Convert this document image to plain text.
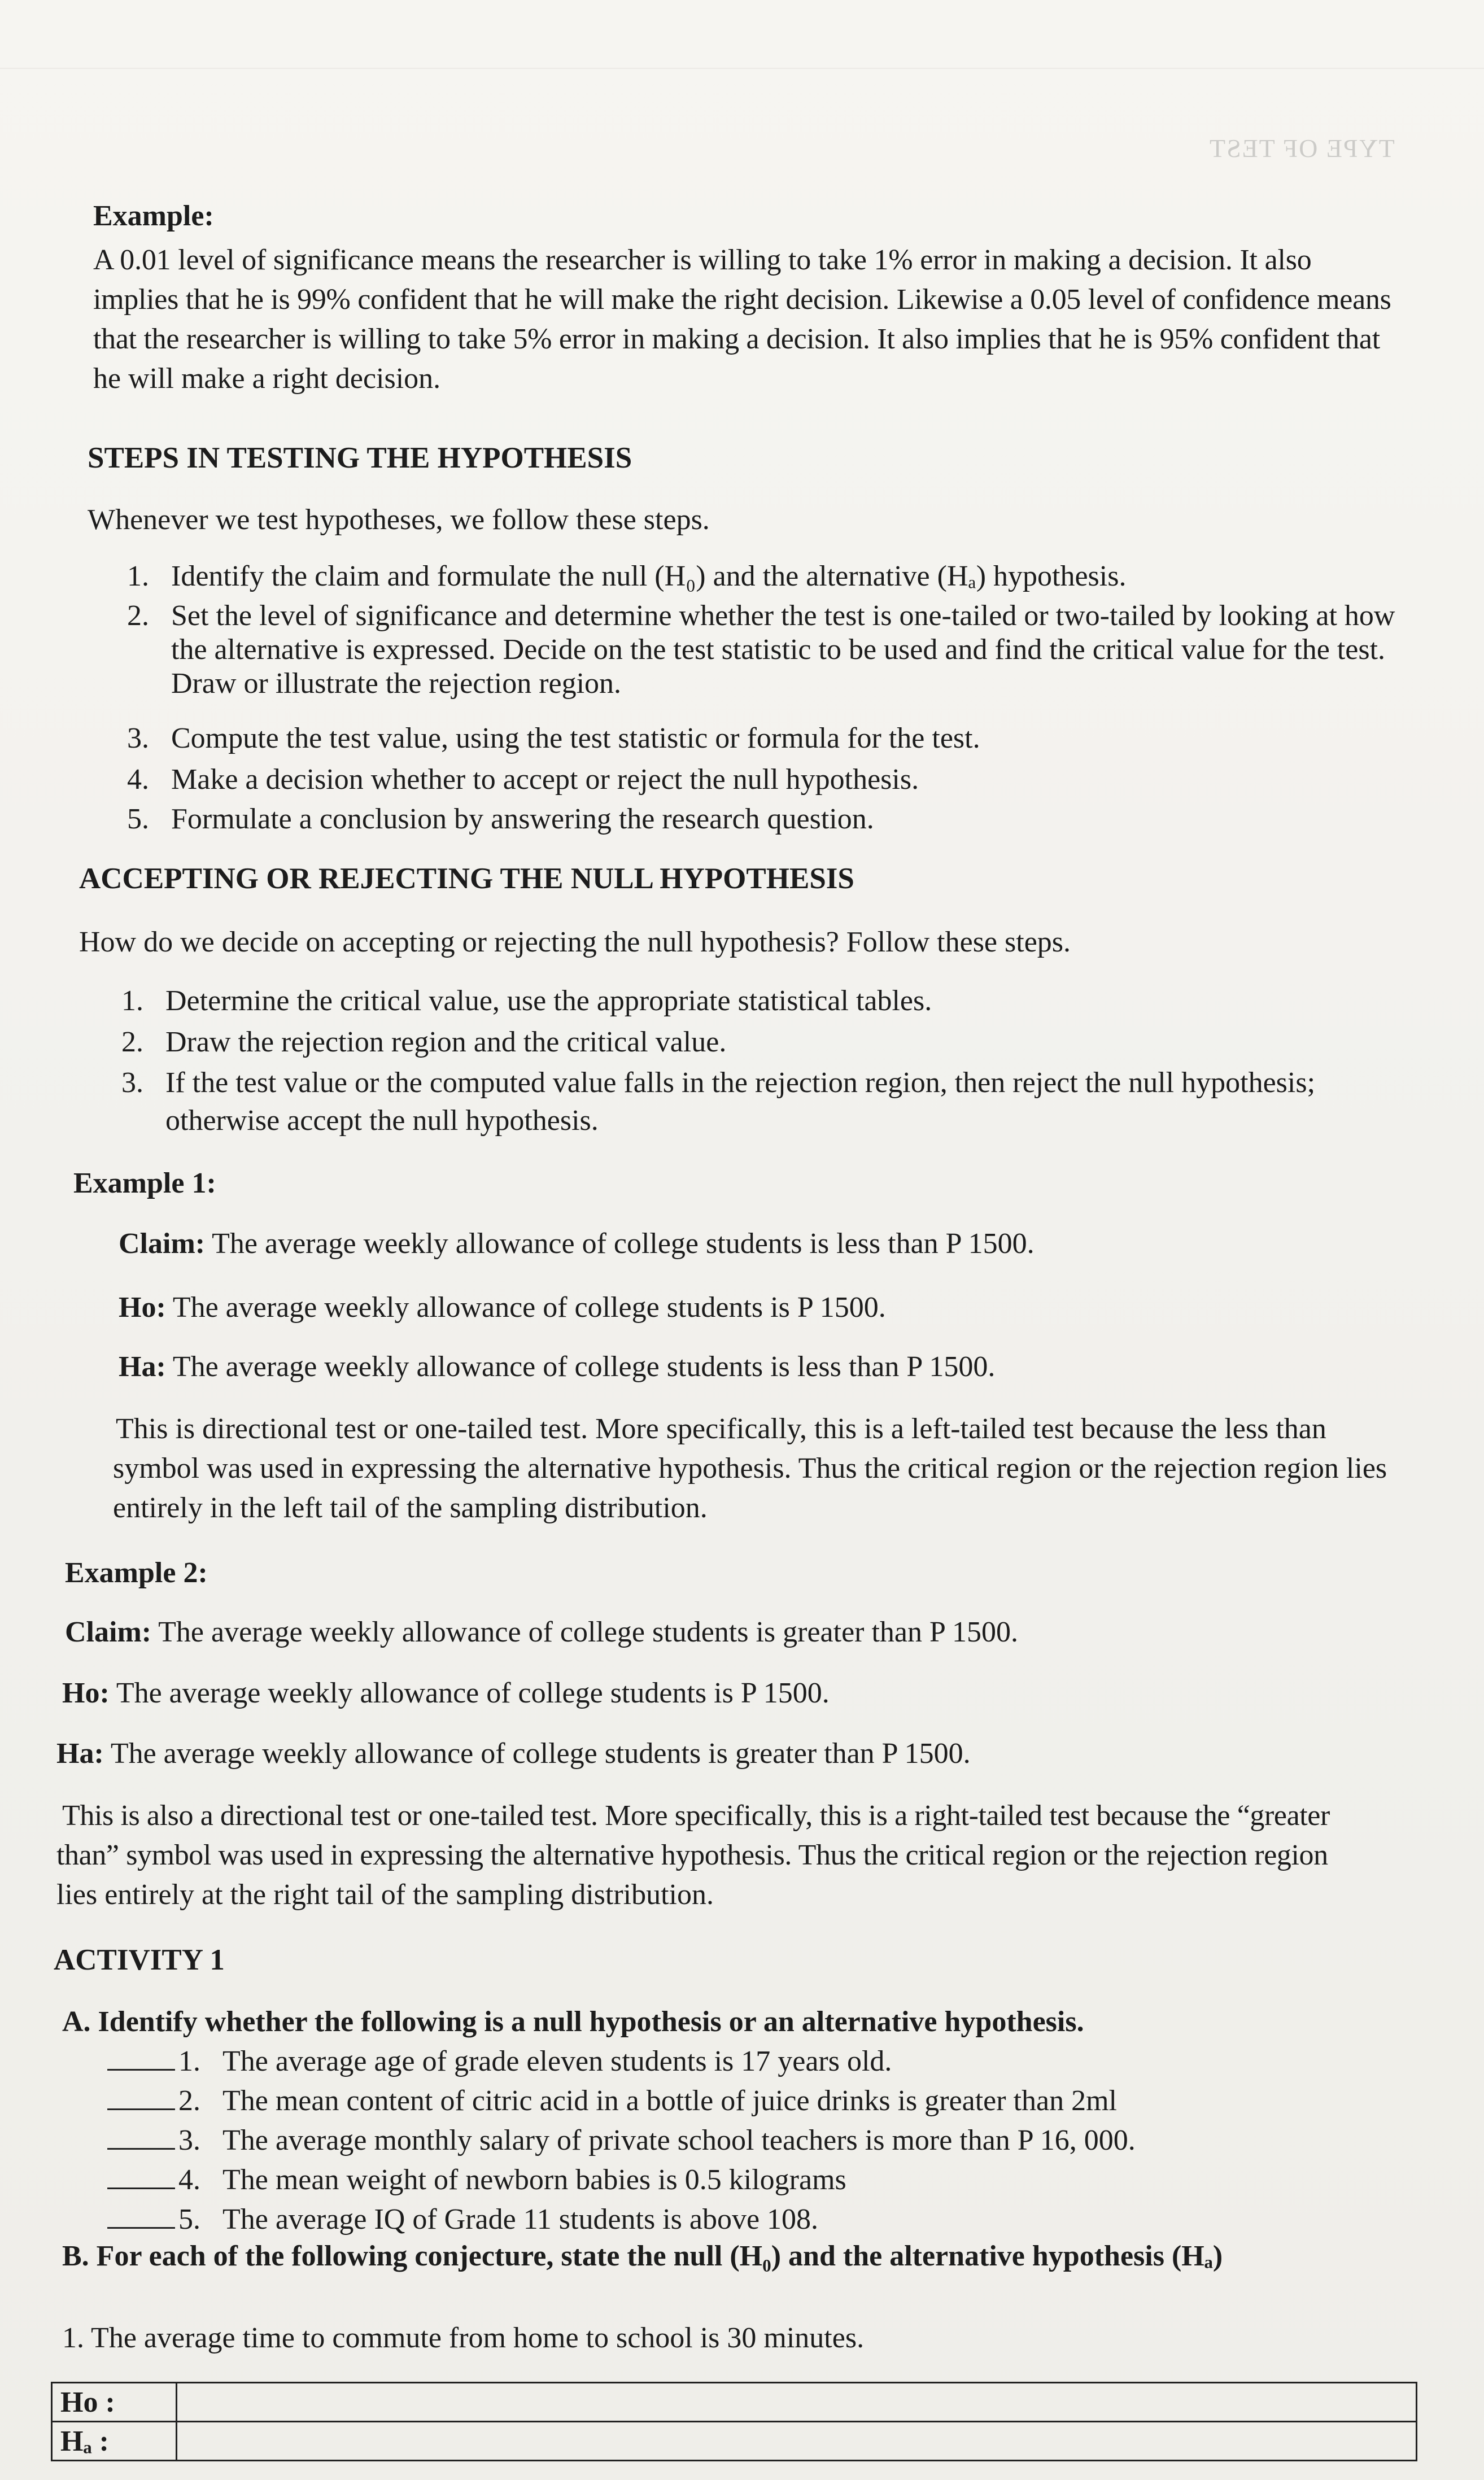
TYPE OF TEST
Example:
A 0.01 level of significance means the researcher is willing to take 1% error in making a decision. It also
implies that he is 99% confident that he will make the right decision. Likewise a 0.05 level of confidence means
that the researcher is willing to take 5% error in making a decision. It also implies that he is 95% confident that
he will make a right decision.
STEPS IN TESTING THE HYPOTHESIS
Whenever we test hypotheses, we follow these steps.
1. Identify the claim and formulate the null (H₀) and the alternative (Hₐ) hypothesis.
2. Set the level of significance and determine whether the test is one-tailed or two-tailed by looking at how
the alternative is expressed. Decide on the test statistic to be used and find the critical value for the test.
Draw or illustrate the rejection region.
3. Compute the test value, using the test statistic or formula for the test.
4. Make a decision whether to accept or reject the null hypothesis.
5. Formulate a conclusion by answering the research question.
ACCEPTING OR REJECTING THE NULL HYPOTHESIS
How do we decide on accepting or rejecting the null hypothesis? Follow these steps.
1. Determine the critical value, use the appropriate statistical tables.
2. Draw the rejection region and the critical value.
3. If the test value or the computed value falls in the rejection region, then reject the null hypothesis;
otherwise accept the null hypothesis.
Example 1:
Claim: The average weekly allowance of college students is less than P 1500.
Ho: The average weekly allowance of college students is P 1500.
Ha: The average weekly allowance of college students is less than P 1500.
This is directional test or one-tailed test. More specifically, this is a left-tailed test because the less than
symbol was used in expressing the alternative hypothesis. Thus the critical region or the rejection region lies
entirely in the left tail of the sampling distribution.
Example 2:
Claim: The average weekly allowance of college students is greater than P 1500.
Ho: The average weekly allowance of college students is P 1500.
Ha: The average weekly allowance of college students is greater than P 1500.
This is also a directional test or one-tailed test. More specifically, this is a right-tailed test because the “greater
than” symbol was used in expressing the alternative hypothesis. Thus the critical region or the rejection region
lies entirely at the right tail of the sampling distribution.
ACTIVITY 1
A. Identify whether the following is a null hypothesis or an alternative hypothesis.
1. The average age of grade eleven students is 17 years old.
2. The mean content of citric acid in a bottle of juice drinks is greater than 2ml
3. The average monthly salary of private school teachers is more than P 16, 000.
4. The mean weight of newborn babies is 0.5 kilograms
5. The average IQ of Grade 11 students is above 108.
B. For each of the following conjecture, state the null (H₀) and the alternative hypothesis (Hₐ)
1. The average time to commute from home to school is 30 minutes.
Ho :	
Hₐ :	
